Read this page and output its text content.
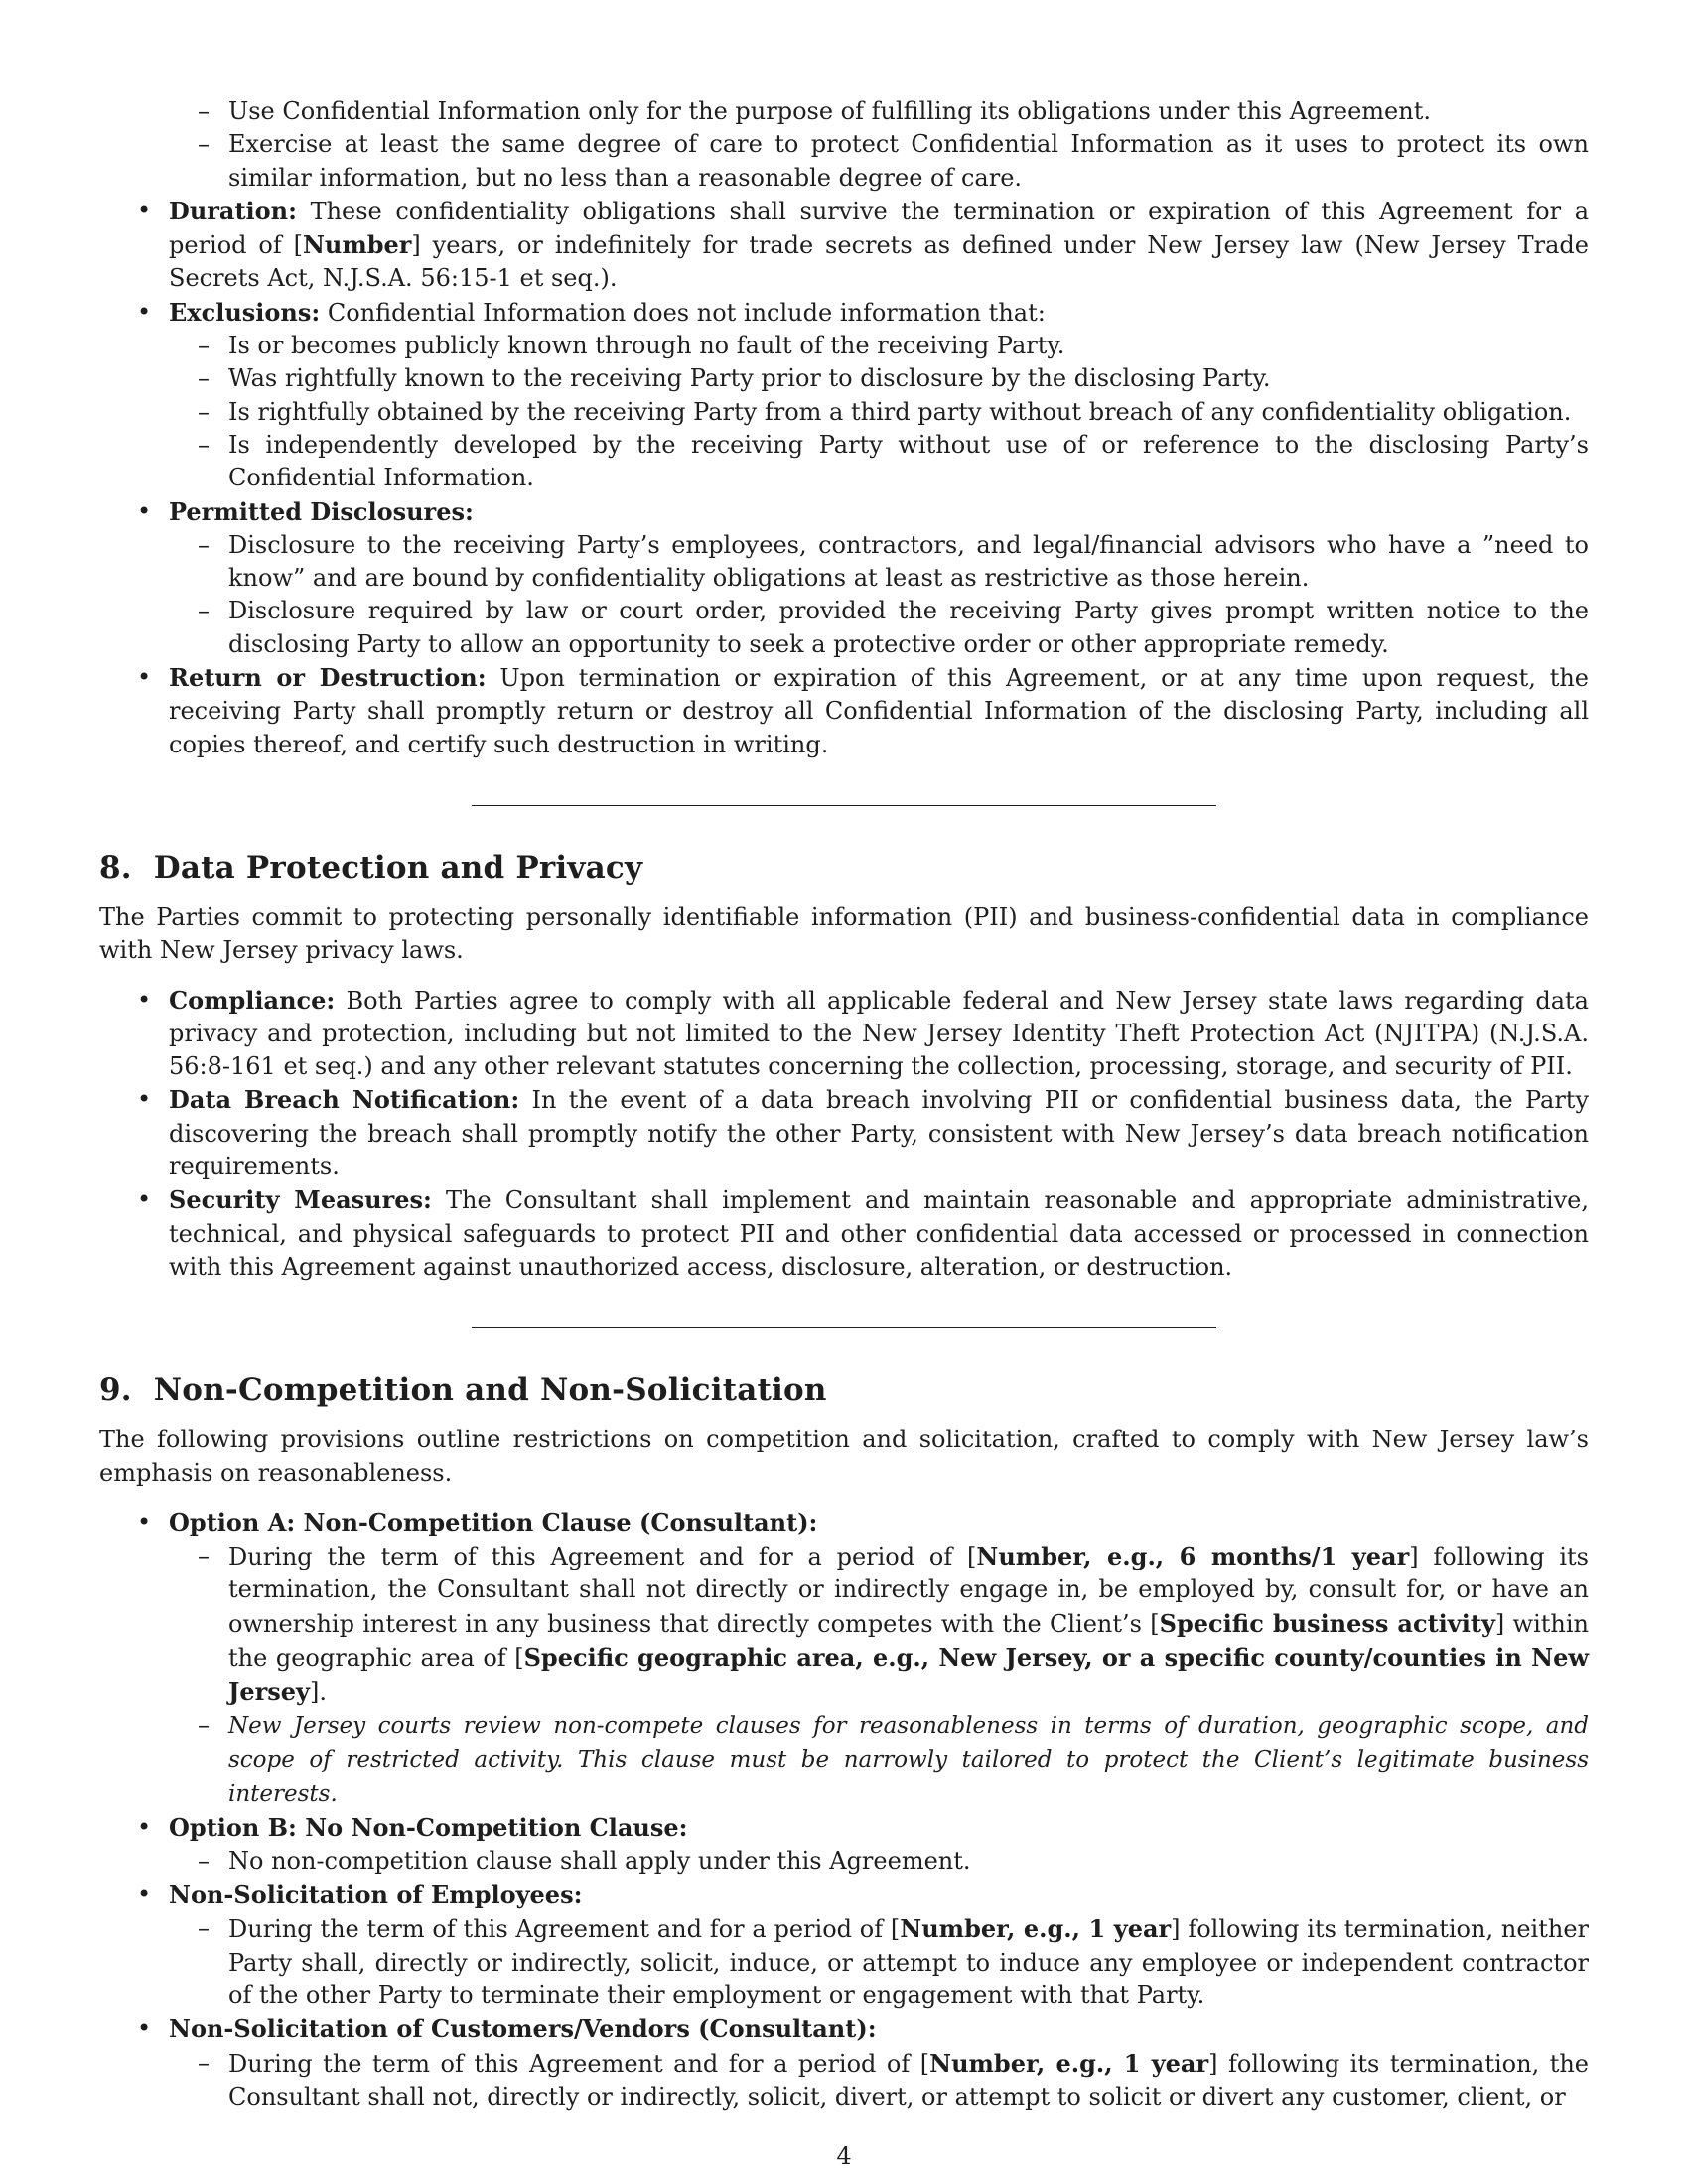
– Use Confidential Information only for the purpose of fulfilling its obligations under this Agreement.
– Exercise at least the same degree of care to protect Confidential Information as it uses to protect its own similar information, but no less than a reasonable degree of care.
• Duration: These confidentiality obligations shall survive the termination or expiration of this Agreement for a period of [Number] years, or indefinitely for trade secrets as defined under New Jersey law (New Jersey Trade Secrets Act, N.J.S.A. 56:15-1 et seq.).
• Exclusions: Confidential Information does not include information that:
– Is or becomes publicly known through no fault of the receiving Party.
– Was rightfully known to the receiving Party prior to disclosure by the disclosing Party.
– Is rightfully obtained by the receiving Party from a third party without breach of any confidentiality obligation.
– Is independently developed by the receiving Party without use of or reference to the disclosing Party’s Confidential Information.
• Permitted Disclosures:
– Disclosure to the receiving Party’s employees, contractors, and legal/financial advisors who have a ”need to know” and are bound by confidentiality obligations at least as restrictive as those herein.
– Disclosure required by law or court order, provided the receiving Party gives prompt written notice to the disclosing Party to allow an opportunity to seek a protective order or other appropriate remedy.
• Return or Destruction: Upon termination or expiration of this Agreement, or at any time upon request, the receiving Party shall promptly return or destroy all Confidential Information of the disclosing Party, including all copies thereof, and certify such destruction in writing.
8.  Data Protection and Privacy

The Parties commit to protecting personally identifiable information (PII) and business-confidential data in compliance with New Jersey privacy laws.

• Compliance: Both Parties agree to comply with all applicable federal and New Jersey state laws regarding data privacy and protection, including but not limited to the New Jersey Identity Theft Protection Act (NJITPA) (N.J.S.A. 56:8-161 et seq.) and any other relevant statutes concerning the collection, processing, storage, and security of PII.
• Data Breach Notification: In the event of a data breach involving PII or confidential business data, the Party discovering the breach shall promptly notify the other Party, consistent with New Jersey’s data breach notification requirements.
• Security Measures: The Consultant shall implement and maintain reasonable and appropriate administrative, technical, and physical safeguards to protect PII and other confidential data accessed or processed in connection with this Agreement against unauthorized access, disclosure, alteration, or destruction.
9.  Non-Competition and Non-Solicitation

The following provisions outline restrictions on competition and solicitation, crafted to comply with New Jersey law’s emphasis on reasonableness.

• Option A: Non-Competition Clause (Consultant):
– During the term of this Agreement and for a period of [Number, e.g., 6 months/1 year] following its termination, the Consultant shall not directly or indirectly engage in, be employed by, consult for, or have an ownership interest in any business that directly competes with the Client’s [Specific business activity] within the geographic area of [Specific geographic area, e.g., New Jersey, or a specific county/counties in New Jersey].
– New Jersey courts review non-compete clauses for reasonableness in terms of duration, geographic scope, and scope of restricted activity. This clause must be narrowly tailored to protect the Client’s legitimate business interests.
• Option B: No Non-Competition Clause:
– No non-competition clause shall apply under this Agreement.
• Non-Solicitation of Employees:
– During the term of this Agreement and for a period of [Number, e.g., 1 year] following its termination, neither Party shall, directly or indirectly, solicit, induce, or attempt to induce any employee or independent contractor of the other Party to terminate their employment or engagement with that Party.
• Non-Solicitation of Customers/Vendors (Consultant):
– During the term of this Agreement and for a period of [Number, e.g., 1 year] following its termination, the Consultant shall not, directly or indirectly, solicit, divert, or attempt to solicit or divert any customer, client, or
4
